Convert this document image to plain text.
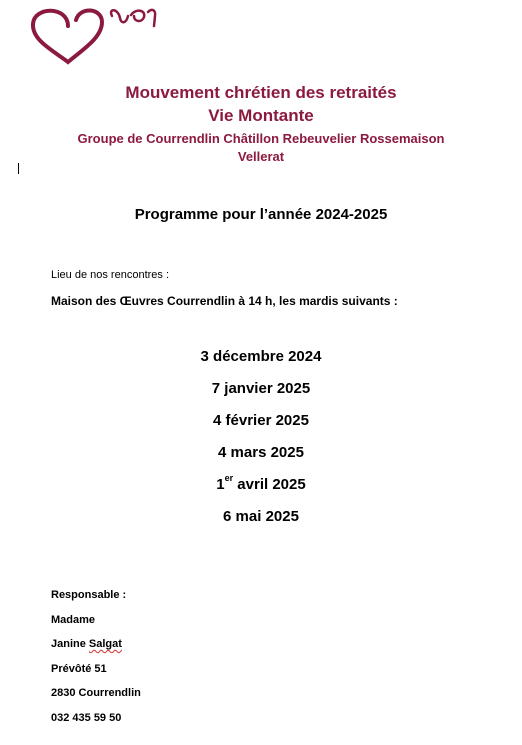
Mouvement chrétien des retraités
Vie Montante
Groupe de Courrendlin Châtillon Rebeuvelier Rossemaison
Vellerat
Programme pour l’année 2024-2025
Lieu de nos rencontres :
Maison des Œuvres Courrendlin à 14 h, les mardis suivants :
3 décembre 2024
7 janvier 2025
4 février 2025
4 mars 2025
1er avril 2025
6 mai 2025
Responsable :
Madame
Janine Salgat
Prévôté 51
2830 Courrendlin
032 435 59 50
